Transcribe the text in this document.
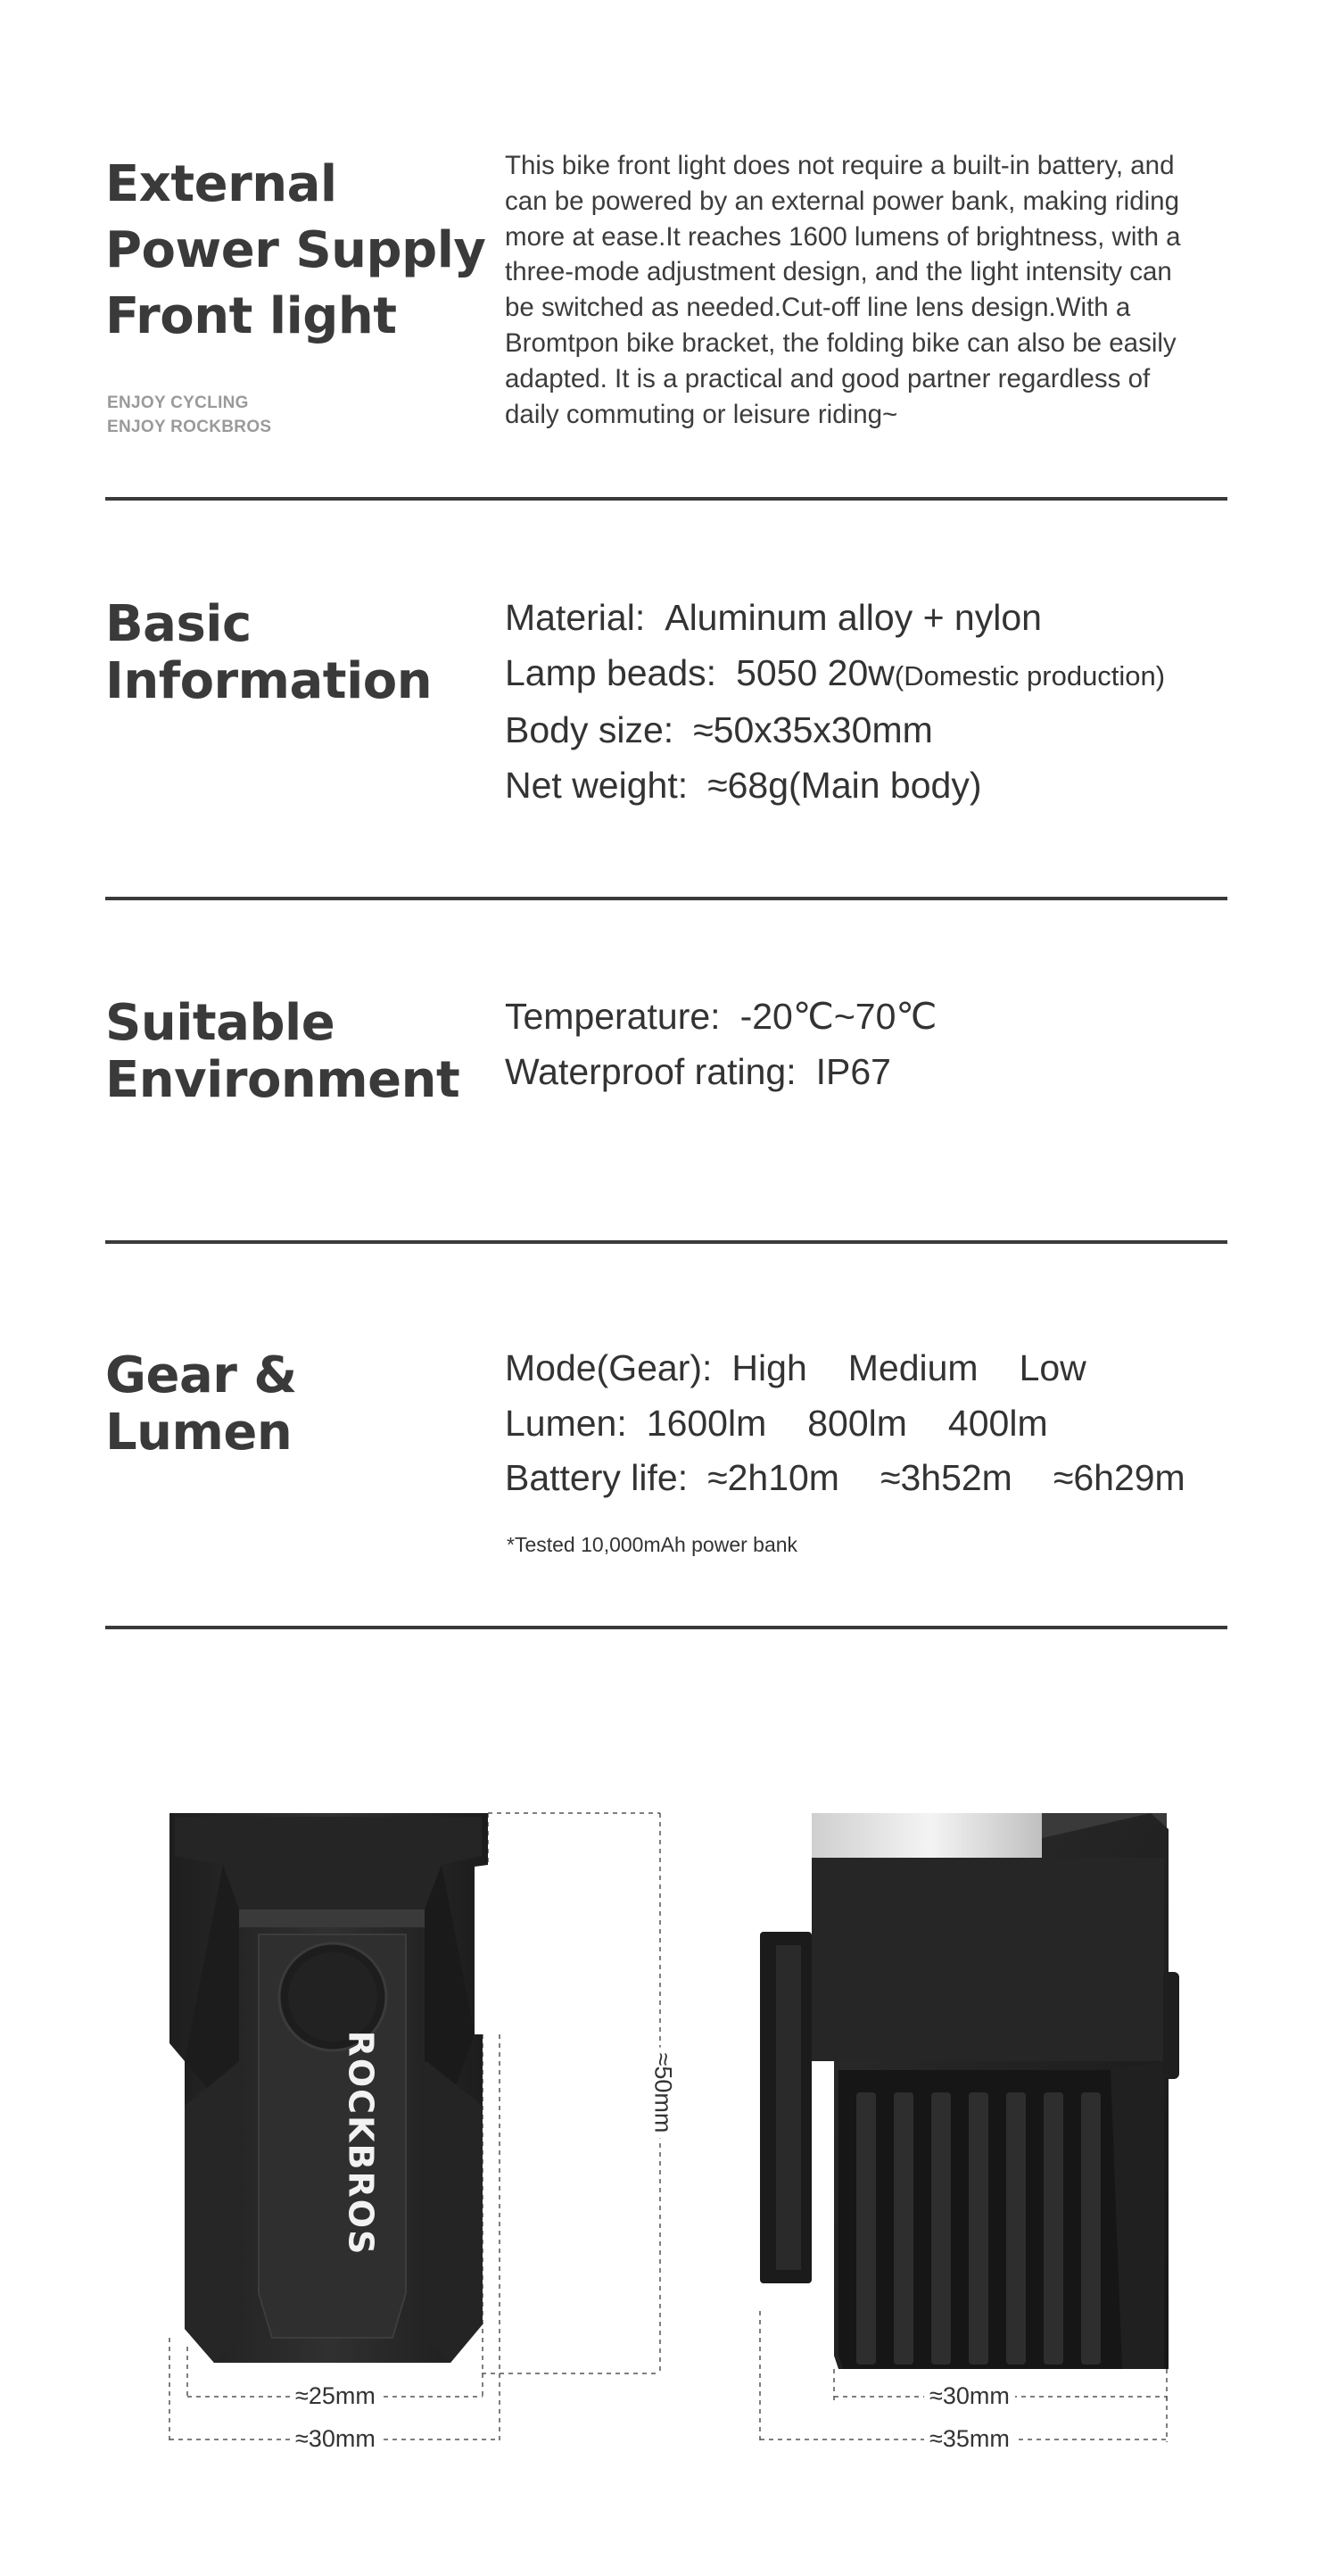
External
Power Supply
Front light
ENJOY CYCLING
ENJOY ROCKBROS

This bike front light does not require a built-in battery, and can be powered by an external power bank, making riding more at ease.It reaches 1600 lumens of brightness, with a three-mode adjustment design, and the light intensity can be switched as needed.Cut-off line lens design.With a Bromtpon bike bracket, the folding bike can also be easily adapted. It is a practical and good partner regardless of daily commuting or leisure riding~

Basic
Information
Material: Aluminum alloy + nylon
Lamp beads: 5050 20w(Domestic production)
Body size: ≈50x35x30mm
Net weight: ≈68g(Main body)
Suitable
Environment
Temperature: -20℃~70℃
Waterproof rating: IP67
Gear &
Lumen
Mode(Gear): High Medium Low
Lumen: 1600lm 800lm 400lm
Battery life: ≈2h10m ≈3h52m ≈6h29m
*Tested 10,000mAh power bank
ROCKBROS	≈50mm
≈25mm
≈30mm
≈30mm
≈35mm
